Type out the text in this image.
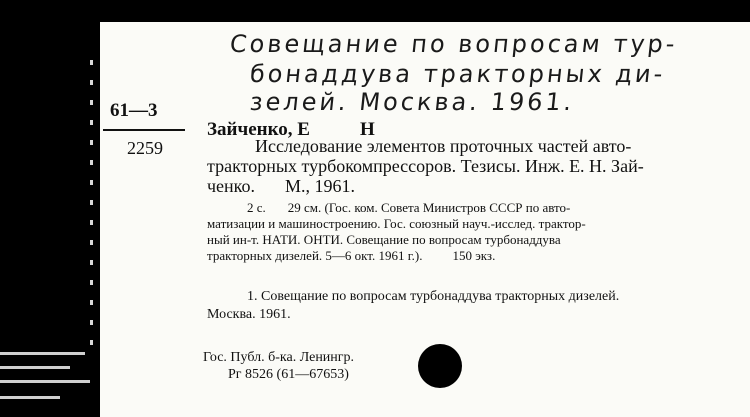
Совещание по вопросам тур-
бонаддува тракторных ди-
зелей. Москва. 1961.
61—3
2259
Зайченко, Е	Н

Исследование элементов проточных частей авто-

тракторных турбокомпрессоров. Тезисы. Инж. Е. Н. Зай-

ченко. М., 1961.

2 с. 29 см. (Гос. ком. Совета Министров СССР по авто-

матизации и машиностроению. Гос. союзный науч.-исслед. трактор-

ный ин-т. НАТИ. ОНТИ. Совещание по вопросам турбонаддува

тракторных дизелей. 5—6 окт. 1961 г.). 150 экз.

1. Совещание по вопросам турбонаддува тракторных дизелей.

Москва. 1961.

Гос. Публ. б-ка. Ленингр.

Рг 8526 (61—67653)
